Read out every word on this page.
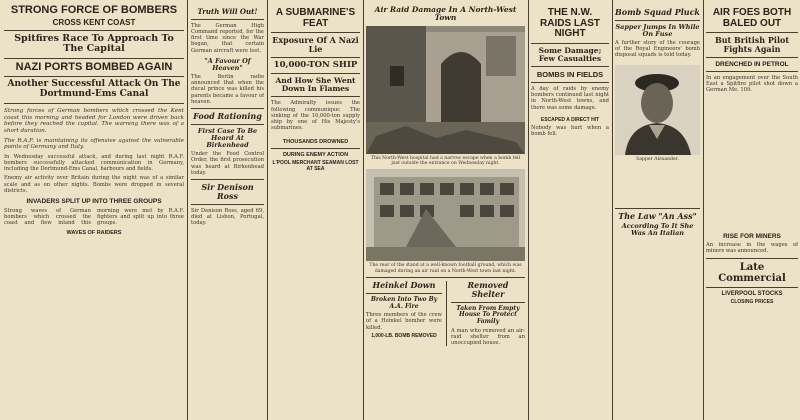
STRONG FORCE OF BOMBERS
CROSS KENT COAST
Spitfires Race To Approach To The Capital
NAZI PORTS BOMBED AGAIN
Another Successful Attack On The Dortmund-Ems Canal
Strong forces of German bombers which crossed the Kent coast this morning and headed for London were driven back before they reached the capital. The warning there was of a short duration.
The R.A.F. is maintaining its offensive against the vulnerable points of Germany and Italy.
In Wednesday successful attack, and during last night R.A.F. bombers successfully attacked communication in Germany, including the Dortmund-Ems Canal, harbours and fields.
Enemy air activity over Britain during the night was of a similar scale and as on other nights. Bombs were dropped in several districts.
INVADERS SPLIT UP INTO THREE GROUPS
Strong waves of German bombers which crossed the coast and flew inland this morning were met by R.A.F. fighters and split up into three groups.
WAVES OF RAIDERS
Truth Will Out!
The German High Command reported, for the first time since the War began, that certain German aircraft were lost.
"A Favour Of Heaven"
The Berlin radio announced that when the ducal prince was killed his parents became a favour of heaven.
Food Rationing
First Case To Be Heard At Birkenhead
Under the Food Control Order, the first prosecution was heard at Birkenhead today.
Sir Denison Ross
Sir Denison Ross, aged 69, died at Lisbon, Portugal, today.
A SUBMARINE'S FEAT
Exposure Of A Nazi Lie
10,000-TON SHIP
And How She Went Down In Flames
The Admiralty issues the following communique: The sinking of the 10,000-ton supply ship by one of His Majesty's submarines.
THOUSANDS DROWNED
DURING ENEMY ACTION
L'POOL MERCHANT SEAMAN LOST AT SEA
Air Raid Damage In A North-West Town
This North-West hospital had a narrow escape when a bomb fell just outside the entrance on Wednesday night.
The rear of the stand at a well-known football ground, which was damaged during an air raid on a North-West town last night.
Heinkel Down
Broken Into Two By A.A. Fire
Three members of the crew of a Heinkel bomber were killed.
1,000-LB. BOMB REMOVED
Removed Shelter
Taken From Empty House To Protect Family
A man who removed an air-raid shelter from an unoccupied house.
THE N.W. RAIDS LAST NIGHT
Some Damage; Few Casualties
BOMBS IN FIELDS
A day of raids by enemy bombers continued last night in North-West towns, and there was some damage.
ESCAPED A DIRECT HIT
Nobody was hurt when a bomb fell.
Bomb Squad Pluck
Sapper Jumps In While On Fuse
A further story of the courage of the Royal Engineers' bomb disposal squads is told today.
Sapper Alexander.
The Law "An Ass"
According To It She Was An Italian
AIR FOES BOTH BALED OUT
But British Pilot Fights Again
DRENCHED IN PETROL
In an engagement over the South East a Spitfire pilot shot down a German Me. 109.
RISE FOR MINERS
An increase in the wages of miners was announced.
Late Commercial
LIVERPOOL STOCKS
CLOSING PRICES
